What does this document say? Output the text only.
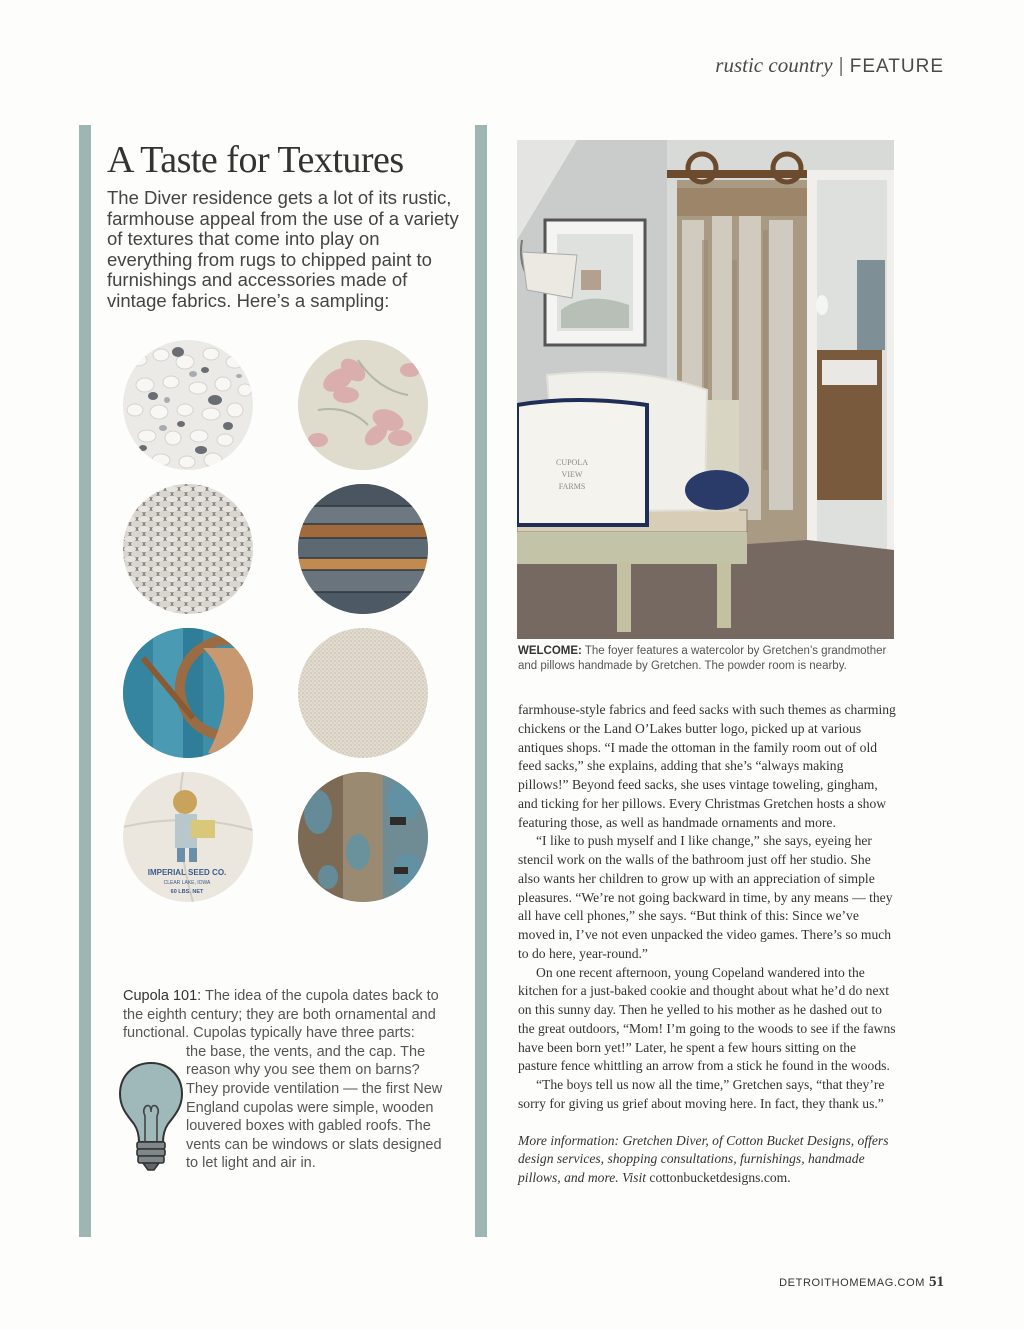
rustic country | FEATURE
A Taste for Textures

The Diver residence gets a lot of its rustic, farmhouse appeal from the use of a variety of textures that come into play on everything from rugs to chipped paint to furnishings and accessories made of vintage fabrics. Here’s a sampling:

IMPERIAL SEED CO.
CLEAR LAKE, IOWA
60 LBS. NET
Cupola 101: The idea of the cupola dates back to the eighth century; they are both ornamental and functional. Cupolas typically have three parts:
the base, the vents, and the cap. The reason why you see them on barns? They provide ventilation — the first New England cupolas were simple, wooden louvered boxes with gabled roofs. The vents can be windows or slats designed to let light and air in.
CUPOLA
VIEW
FARMS
WELCOME: The foyer features a watercolor by Gretchen’s grandmother and pillows handmade by Gretchen. The powder room is nearby.

farmhouse-style fabrics and feed sacks with such themes as charming chickens or the Land O’Lakes butter logo, picked up at various antiques shops. “I made the ottoman in the family room out of old feed sacks,” she explains, adding that she’s “always making pillows!” Beyond feed sacks, she uses vintage toweling, gingham, and ticking for her pillows. Every Christmas Gretchen hosts a show featuring those, as well as handmade ornaments and more.

“I like to push myself and I like change,” she says, eyeing her stencil work on the walls of the bathroom just off her studio. She also wants her children to grow up with an appreciation of simple pleasures. “We’re not going backward in time, by any means — they all have cell phones,” she says. “But think of this: Since we’ve moved in, I’ve not even unpacked the video games. There’s so much to do here, year-round.”

On one recent afternoon, young Copeland wandered into the kitchen for a just-baked cookie and thought about what he’d do next on this sunny day. Then he yelled to his mother as he dashed out to the great outdoors, “Mom! I’m going to the woods to see if the fawns have been born yet!” Later, he spent a few hours sitting on the pasture fence whittling an arrow from a stick he found in the woods.

“The boys tell us now all the time,” Gretchen says, “that they’re sorry for giving us grief about moving here. In fact, they thank us.”

More information: Gretchen Diver, of Cotton Bucket Designs, offers design services, shopping consultations, furnishings, handmade pillows, and more. Visit cottonbucketdesigns.com.

DETROITHOMEMAG.COM 51
